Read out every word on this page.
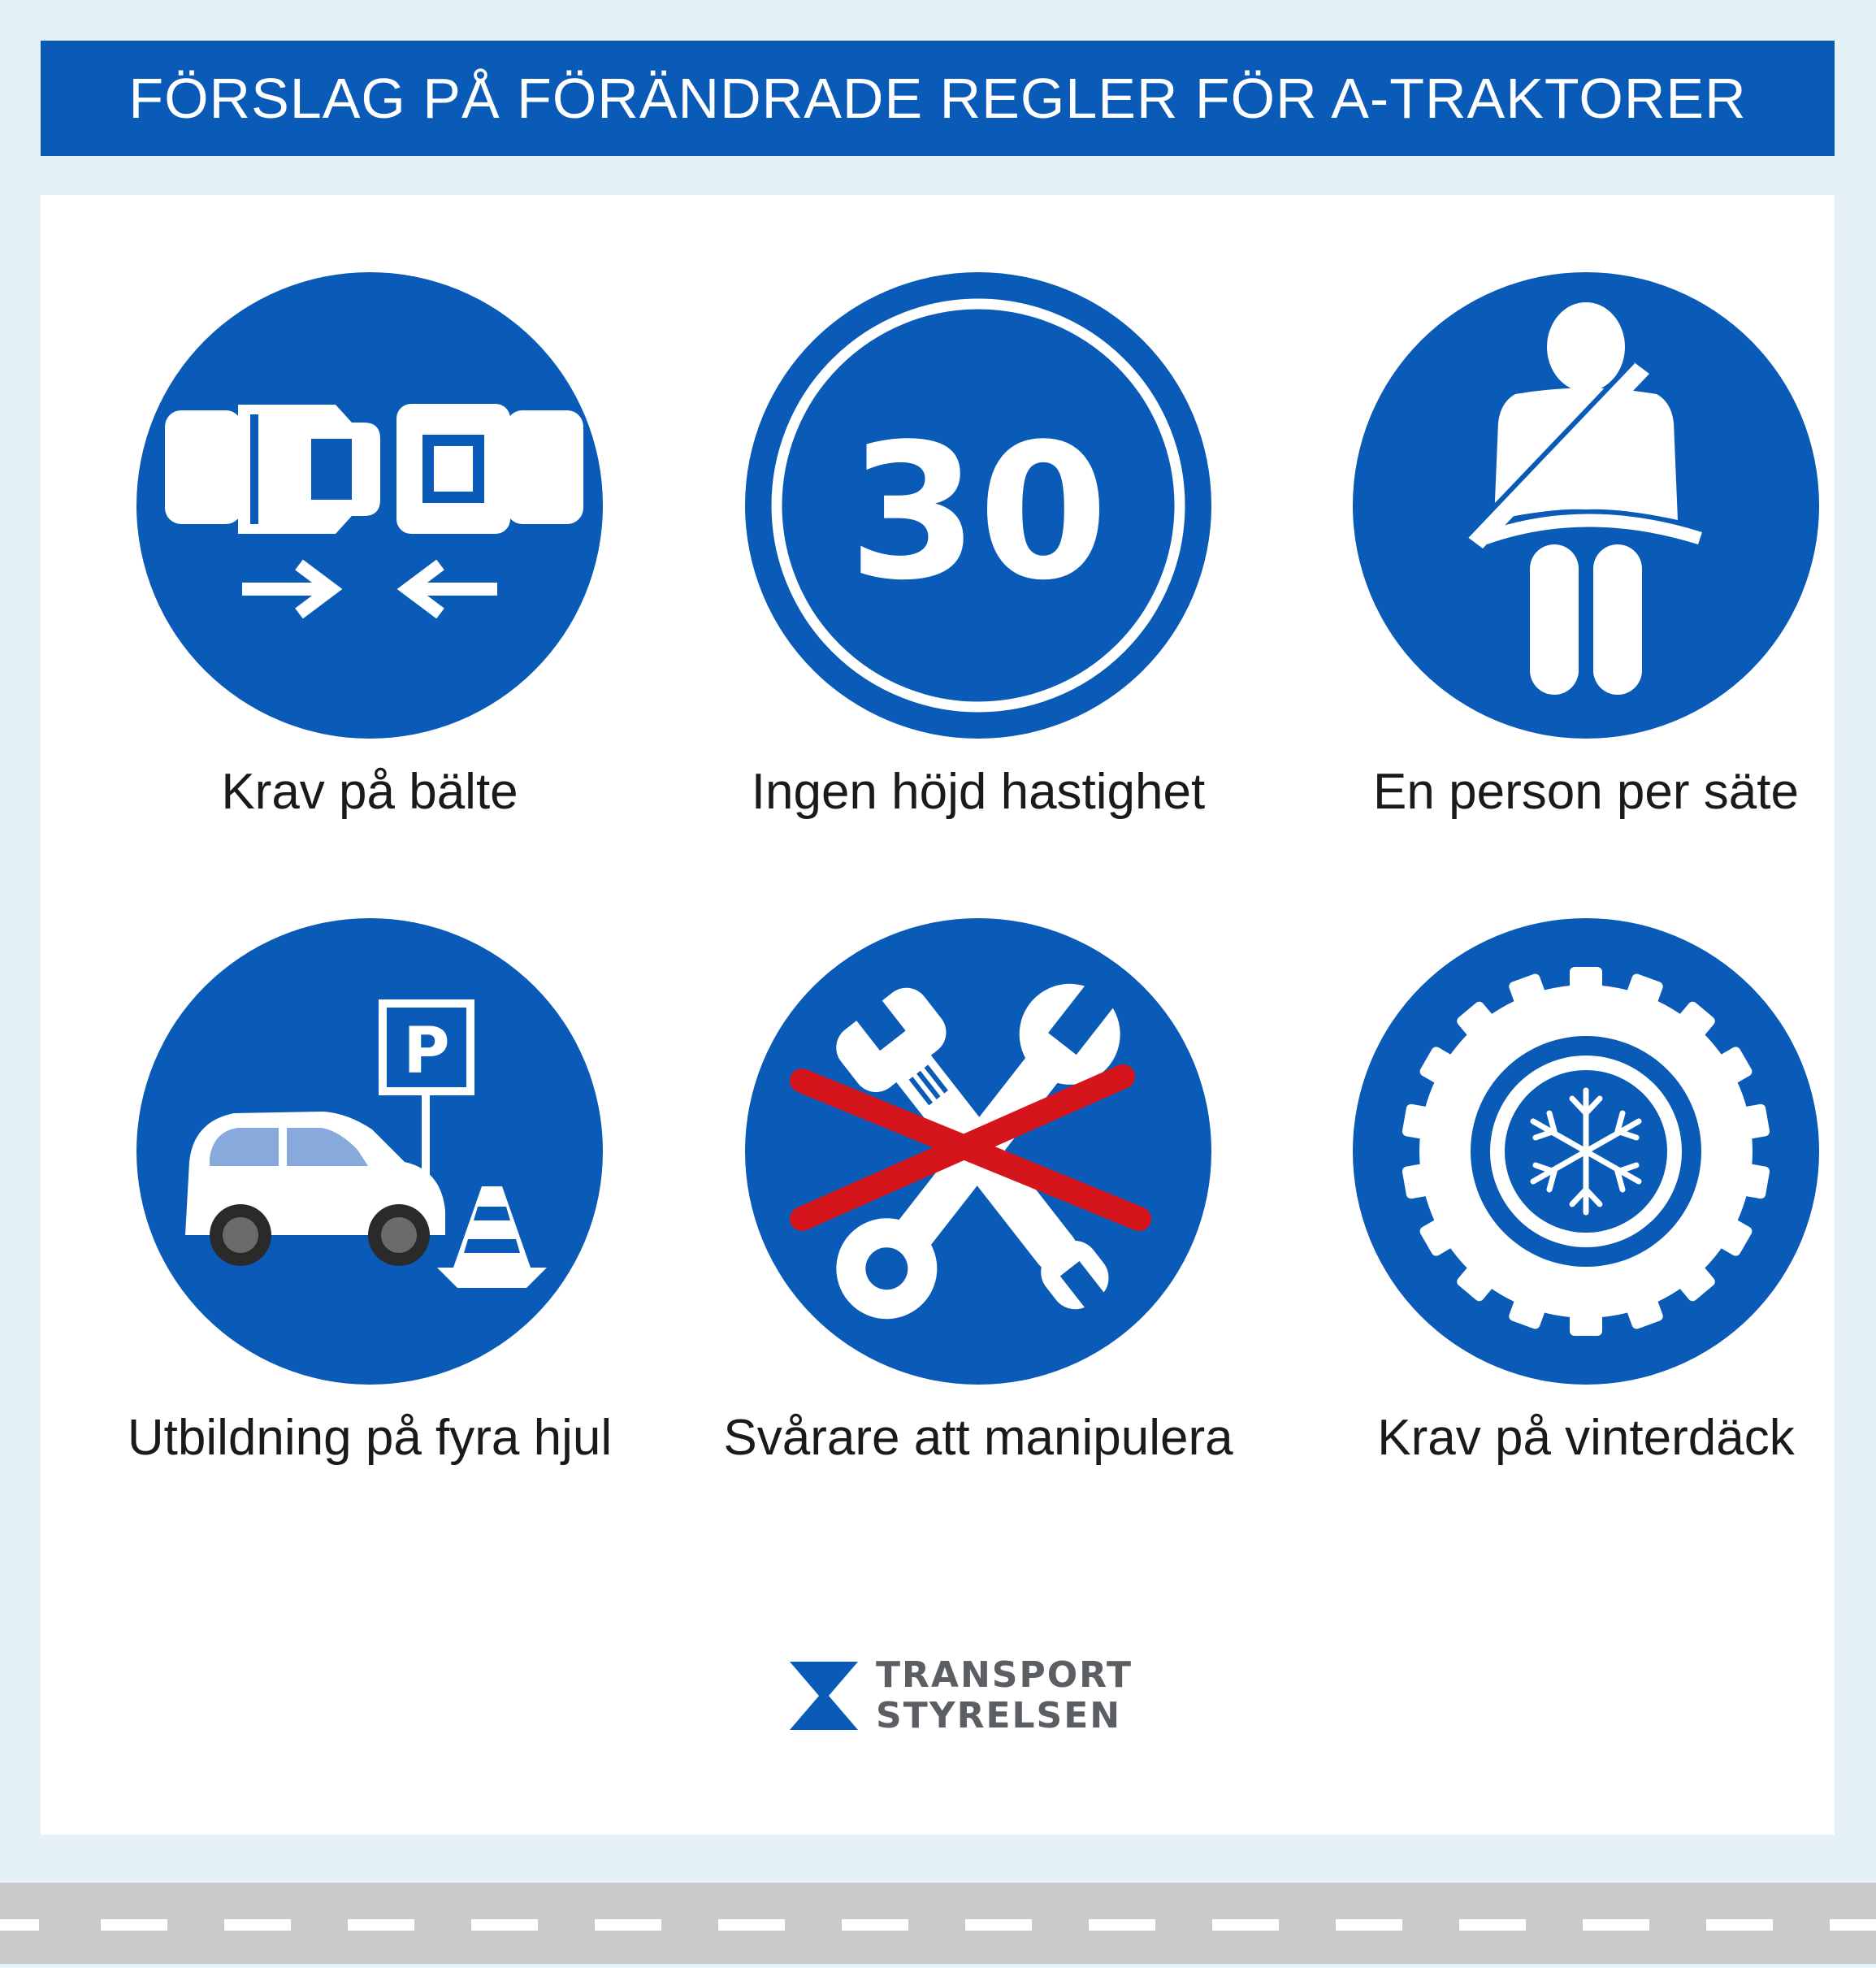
FÖRSLAG PÅ FÖRÄNDRADE REGLER FÖR A-TRAKTORER
Krav på bälte
30
Ingen höjd hastighet	En person per säte
P
Utbildning på fyra hjul	Svårare att manipulera	Krav på vinterdäck
TRANSPORT
STYRELSEN
